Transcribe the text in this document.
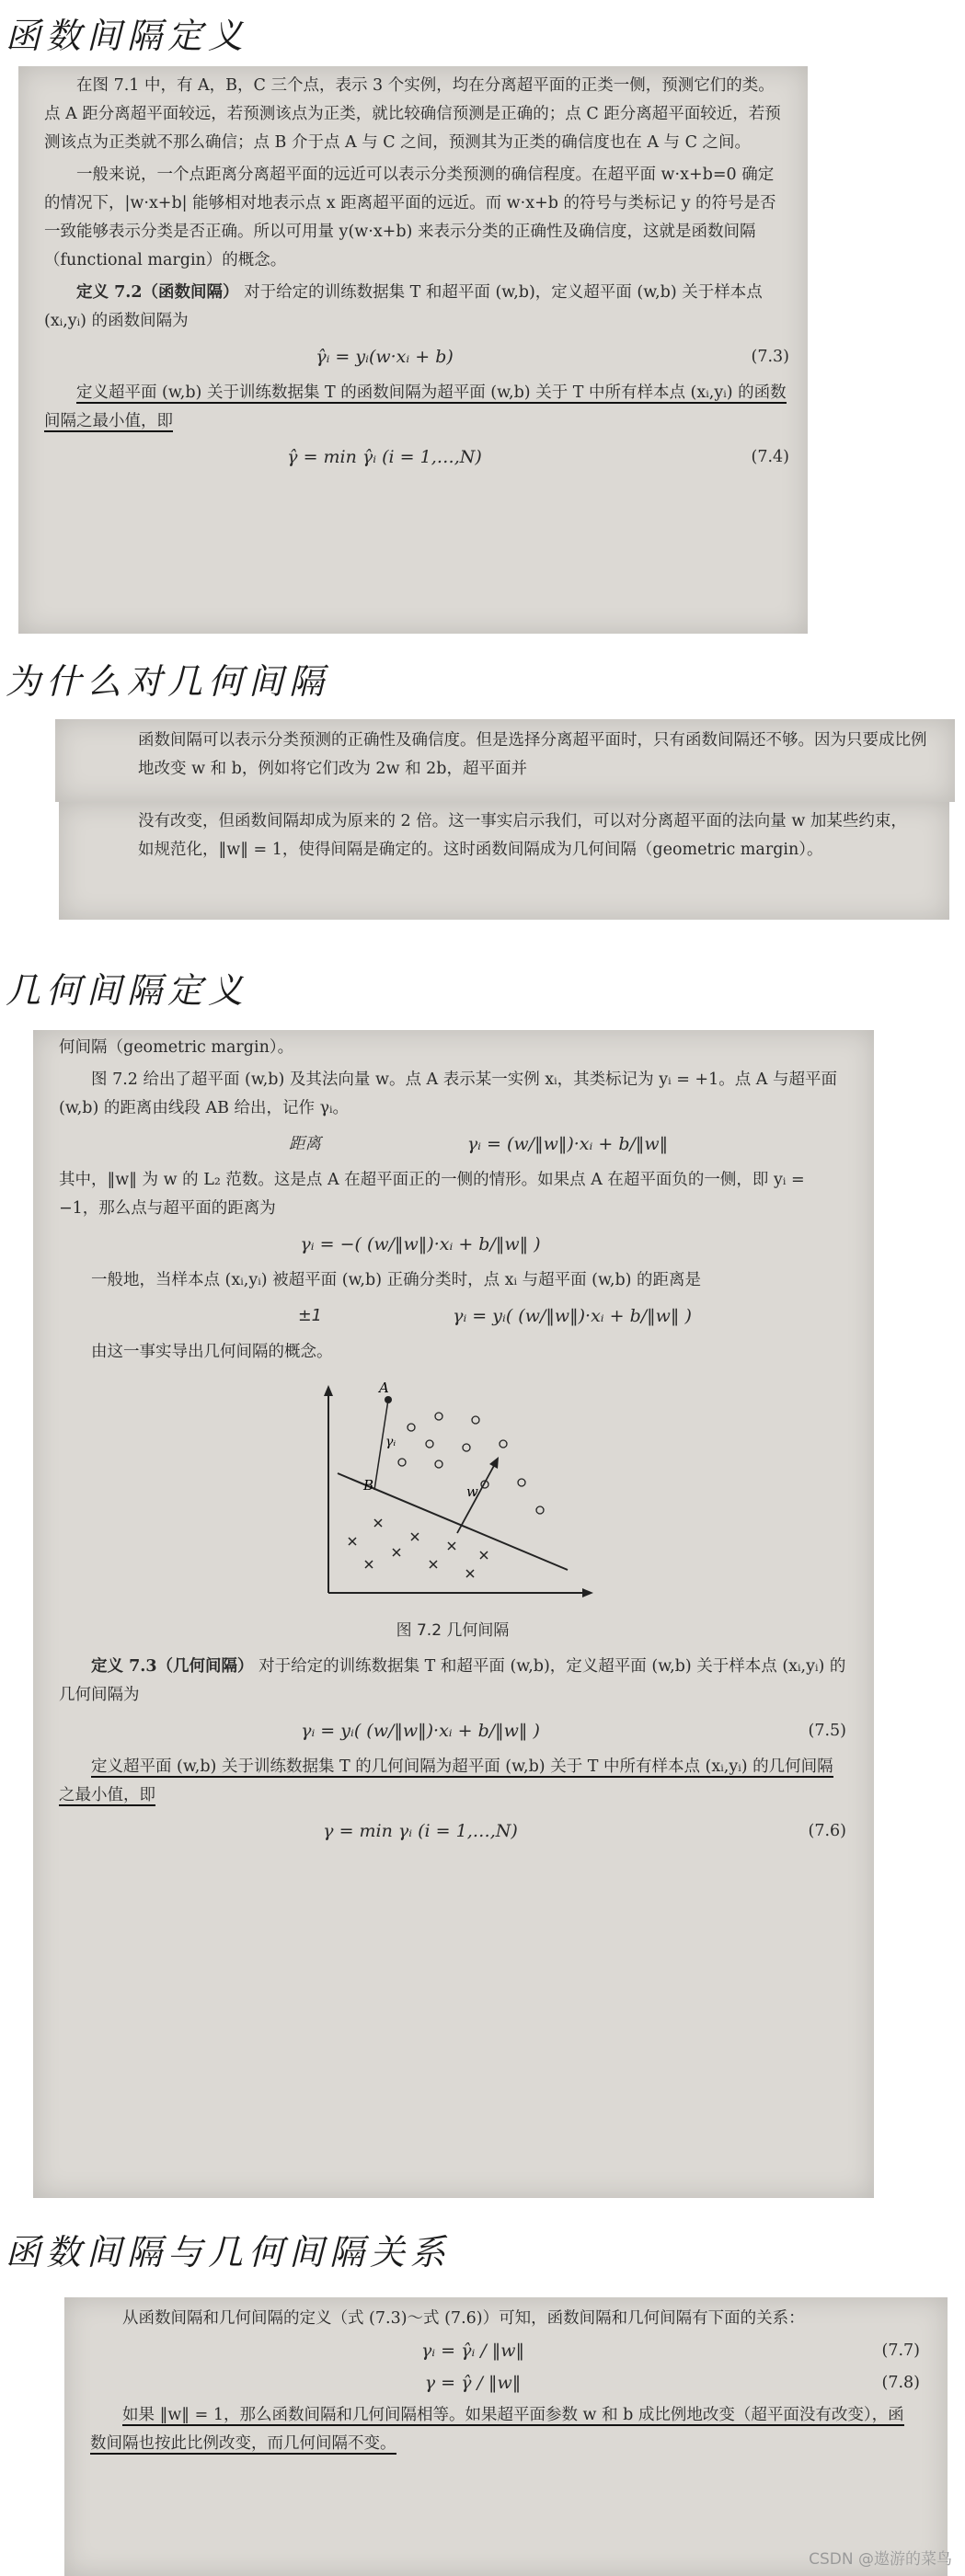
函数间隔定义

在图 7.1 中，有 A，B，C 三个点，表示 3 个实例，均在分离超平面的正类一侧，预测它们的类。点 A 距分离超平面较远，若预测该点为正类，就比较确信预测是正确的；点 C 距分离超平面较近，若预测该点为正类就不那么确信；点 B 介于点 A 与 C 之间，预测其为正类的确信度也在 A 与 C 之间。

一般来说，一个点距离分离超平面的远近可以表示分类预测的确信程度。在超平面 w·x+b=0 确定的情况下，|w·x+b| 能够相对地表示点 x 距离超平面的远近。而 w·x+b 的符号与类标记 y 的符号是否一致能够表示分类是否正确。所以可用量 y(w·x+b) 来表示分类的正确性及确信度，这就是函数间隔（functional margin）的概念。

定义 7.2（函数间隔） 对于给定的训练数据集 T 和超平面 (w,b)，定义超平面 (w,b) 关于样本点 (xᵢ,yᵢ) 的函数间隔为

γ̂ᵢ = yᵢ(w·xᵢ + b)	(7.3)

定义超平面 (w,b) 关于训练数据集 T 的函数间隔为超平面 (w,b) 关于 T 中所有样本点 (xᵢ,yᵢ) 的函数间隔之最小值，即

γ̂ = min γ̂ᵢ (i = 1,…,N)	(7.4)
为什么对几何间隔

函数间隔可以表示分类预测的正确性及确信度。但是选择分离超平面时，只有函数间隔还不够。因为只要成比例地改变 w 和 b，例如将它们改为 2w 和 2b，超平面并

没有改变，但函数间隔却成为原来的 2 倍。这一事实启示我们，可以对分离超平面的法向量 w 加某些约束，如规范化，‖w‖ = 1，使得间隔是确定的。这时函数间隔成为几何间隔（geometric margin）。

几何间隔定义

何间隔（geometric margin）。

图 7.2 给出了超平面 (w,b) 及其法向量 w。点 A 表示某一实例 xᵢ，其类标记为 yᵢ = +1。点 A 与超平面 (w,b) 的距离由线段 AB 给出，记作 γᵢ。

距离	γᵢ = (w/‖w‖)·xᵢ + b/‖w‖

其中，‖w‖ 为 w 的 L₂ 范数。这是点 A 在超平面正的一侧的情形。如果点 A 在超平面负的一侧，即 yᵢ = −1，那么点与超平面的距离为

γᵢ = −( (w/‖w‖)·xᵢ + b/‖w‖ )

一般地，当样本点 (xᵢ,yᵢ) 被超平面 (w,b) 正确分类时，点 xᵢ 与超平面 (w,b) 的距离是

±1	γᵢ = yᵢ( (w/‖w‖)·xᵢ + b/‖w‖ )

由这一事实导出几何间隔的概念。

A
B
γᵢ
w
图 7.2 几何间隔

定义 7.3（几何间隔） 对于给定的训练数据集 T 和超平面 (w,b)，定义超平面 (w,b) 关于样本点 (xᵢ,yᵢ) 的几何间隔为

γᵢ = yᵢ( (w/‖w‖)·xᵢ + b/‖w‖ )	(7.5)

定义超平面 (w,b) 关于训练数据集 T 的几何间隔为超平面 (w,b) 关于 T 中所有样本点 (xᵢ,yᵢ) 的几何间隔之最小值，即

γ = min γᵢ (i = 1,…,N)	(7.6)
函数间隔与几何间隔关系

从函数间隔和几何间隔的定义（式 (7.3)～式 (7.6)）可知，函数间隔和几何间隔有下面的关系：

γᵢ = γ̂ᵢ / ‖w‖	(7.7)
γ = γ̂ / ‖w‖	(7.8)

如果 ‖w‖ = 1，那么函数间隔和几何间隔相等。如果超平面参数 w 和 b 成比例地改变（超平面没有改变），函数间隔也按此比例改变，而几何间隔不变。

CSDN @遨游的菜鸟
